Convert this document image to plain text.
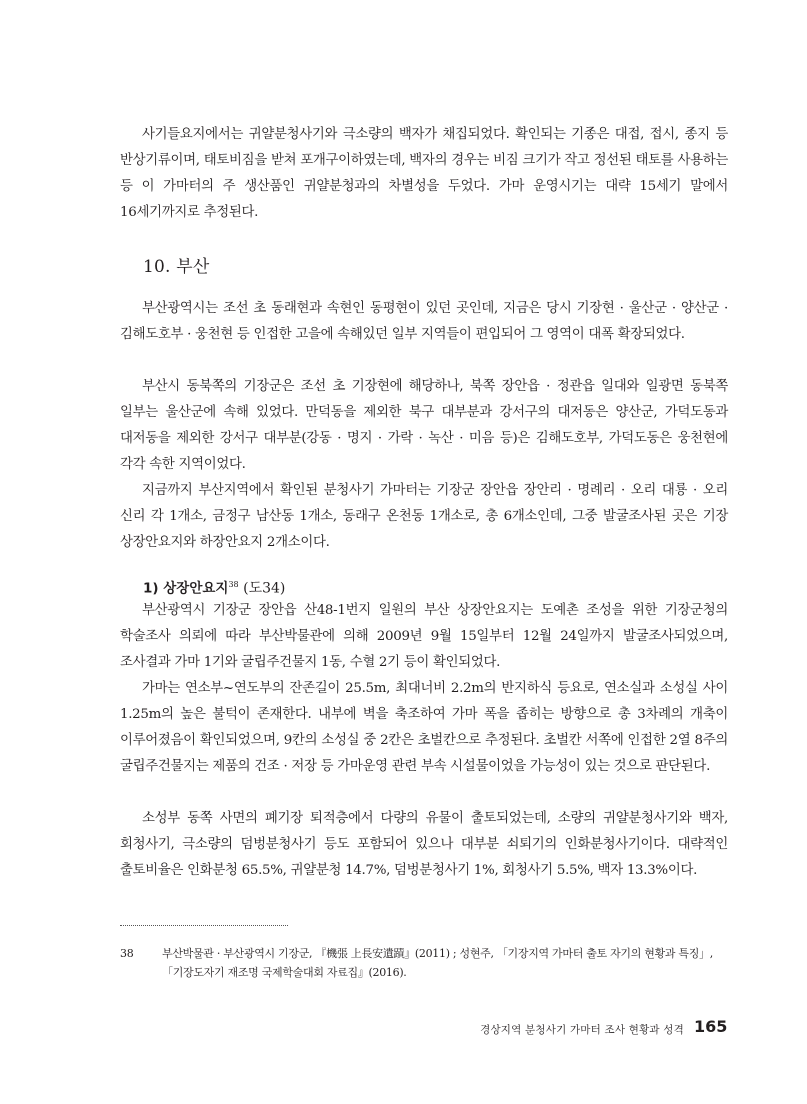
사기들요지에서는 귀얄분청사기와 극소량의 백자가 채집되었다. 확인되는 기종은 대접, 접시, 종지 등 반상기류이며, 태토비짐을 받쳐 포개구이하였는데, 백자의 경우는 비짐 크기가 작고 정선된 태토를 사용하는 등 이 가마터의 주 생산품인 귀얄분청과의 차별성을 두었다. 가마 운영시기는 대략 15세기 말에서 16세기까지로 추정된다.

10. 부산

부산광역시는 조선 초 동래현과 속현인 동평현이 있던 곳인데, 지금은 당시 기장현 · 울산군 · 양산군 · 김해도호부 · 웅천현 등 인접한 고을에 속해있던 일부 지역들이 편입되어 그 영역이 대폭 확장되었다.

부산시 동북쪽의 기장군은 조선 초 기장현에 해당하나, 북쪽 장안읍 · 정관읍 일대와 일광면 동북쪽 일부는 울산군에 속해 있었다. 만덕동을 제외한 북구 대부분과 강서구의 대저동은 양산군, 가덕도동과 대저동을 제외한 강서구 대부분(강동 · 명지 · 가락 · 녹산 · 미음 등)은 김해도호부, 가덕도동은 웅천현에 각각 속한 지역이었다.

지금까지 부산지역에서 확인된 분청사기 가마터는 기장군 장안읍 장안리 · 명례리 · 오리 대룡 · 오리 신리 각 1개소, 금정구 남산동 1개소, 동래구 온천동 1개소로, 총 6개소인데, 그중 발굴조사된 곳은 기장 상장안요지와 하장안요지 2개소이다.

1) 상장안요지$^{38}$ (도34)

부산광역시 기장군 장안읍 산48-1번지 일원의 부산 상장안요지는 도예촌 조성을 위한 기장군청의 학술조사 의뢰에 따라 부산박물관에 의해 2009년 9월 15일부터 12월 24일까지 발굴조사되었으며, 조사결과 가마 1기와 굴립주건물지 1동, 수혈 2기 등이 확인되었다.

가마는 연소부~연도부의 잔존길이 25.5m, 최대너비 2.2m의 반지하식 등요로, 연소실과 소성실 사이 1.25m의 높은 불턱이 존재한다. 내부에 벽을 축조하여 가마 폭을 좁히는 방향으로 총 3차례의 개축이 이루어졌음이 확인되었으며, 9칸의 소성실 중 2칸은 초벌칸으로 추정된다. 초벌칸 서쪽에 인접한 2열 8주의 굴립주건물지는 제품의 건조 · 저장 등 가마운영 관련 부속 시설물이었을 가능성이 있는 것으로 판단된다.

소성부 동쪽 사면의 폐기장 퇴적층에서 다량의 유물이 출토되었는데, 소량의 귀얄분청사기와 백자, 회청사기, 극소량의 덤벙분청사기 등도 포함되어 있으나 대부분 쇠퇴기의 인화분청사기이다. 대략적인 출토비율은 인화분청 65.5%, 귀얄분청 14.7%, 덤벙분청사기 1%, 회청사기 5.5%, 백자 13.3%이다.

38	부산박물관 · 부산광역시 기장군, 『機張 上長安遺蹟』(2011) ; 성현주, 「기장지역 가마터 출토 자기의 현황과 특징」, 「기장도자기 재조명 국제학술대회 자료집』(2016).
경상지역 분청사기 가마터 조사 현황과 성격 165
